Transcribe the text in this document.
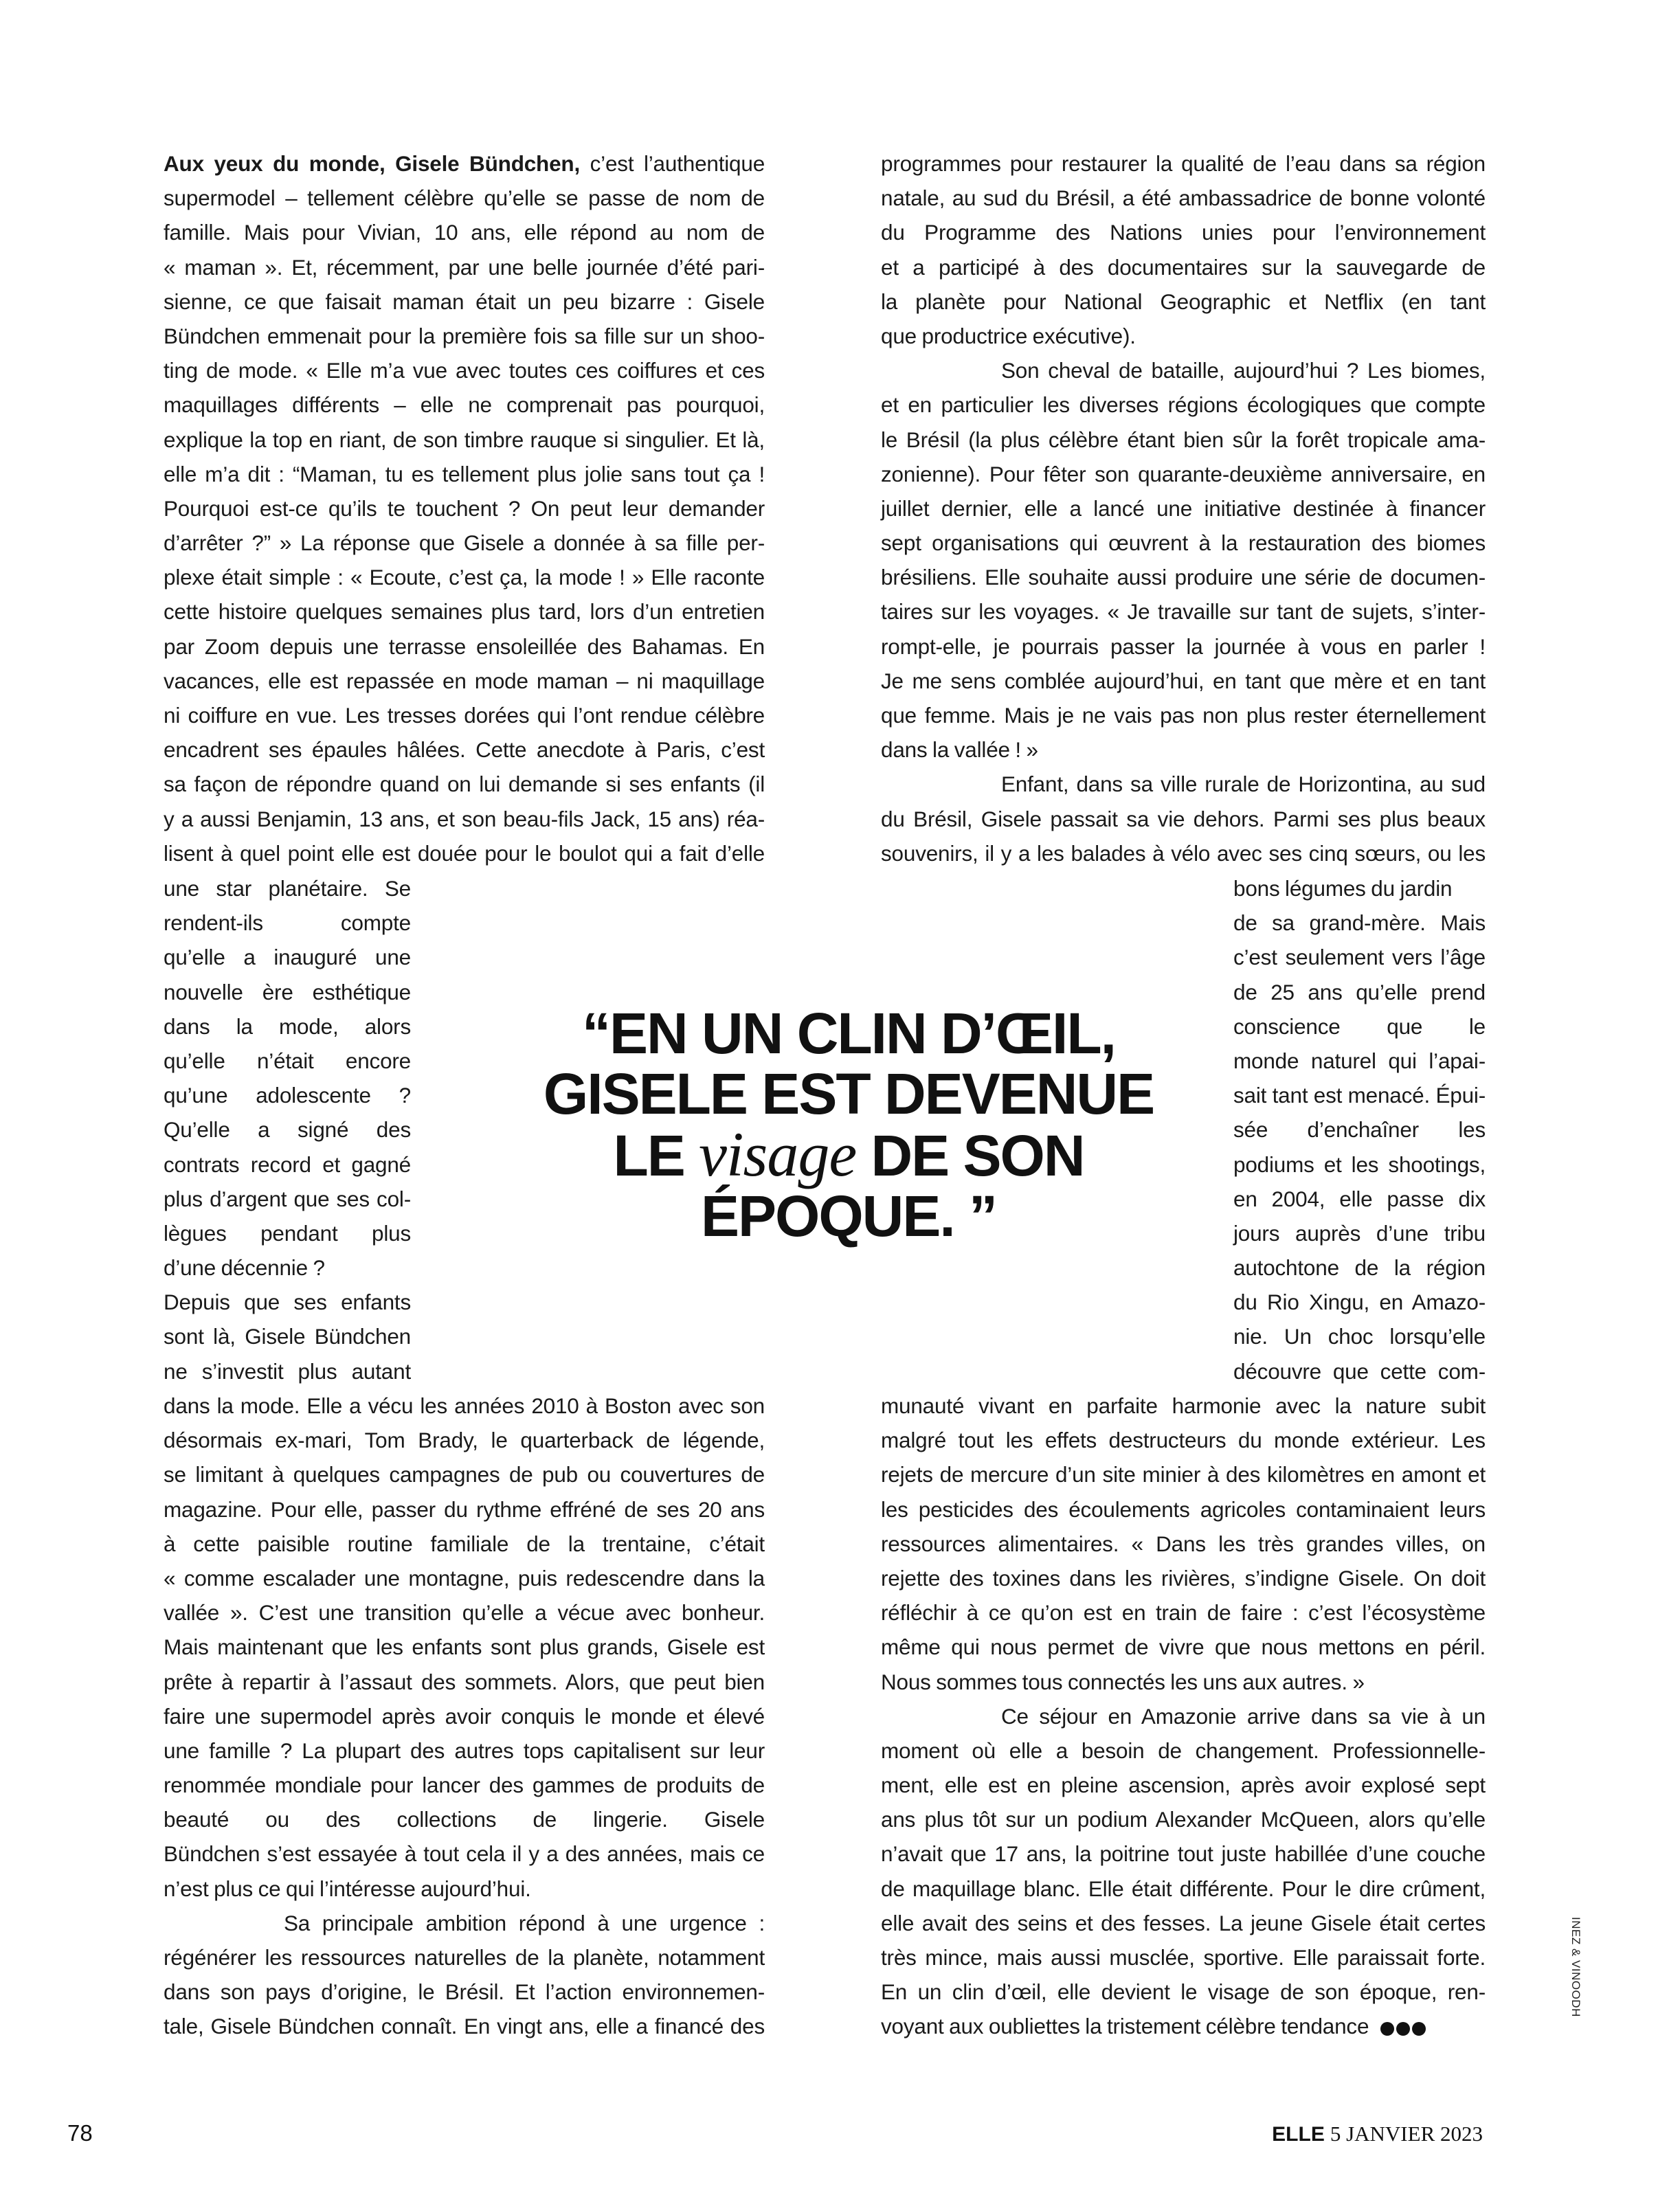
Aux yeux du monde, Gisele Bündchen, c’est l’authentique
supermodel – tellement célèbre qu’elle se passe de nom de
famille. Mais pour Vivian, 10 ans, elle répond au nom de
« maman ». Et, récemment, par une belle journée d’été pari-
sienne, ce que faisait maman était un peu bizarre : Gisele
Bündchen emmenait pour la première fois sa fille sur un shoo-
ting de mode. « Elle m’a vue avec toutes ces coiffures et ces
maquillages différents – elle ne comprenait pas pourquoi,
explique la top en riant, de son timbre rauque si singulier. Et là,
elle m’a dit : “Maman, tu es tellement plus jolie sans tout ça !
Pourquoi est-ce qu’ils te touchent ? On peut leur demander
d’arrêter ?” » La réponse que Gisele a donnée à sa fille per-
plexe était simple : « Ecoute, c’est ça, la mode ! » Elle raconte
cette histoire quelques semaines plus tard, lors d’un entretien
par Zoom depuis une terrasse ensoleillée des Bahamas. En
vacances, elle est repassée en mode maman – ni maquillage
ni coiffure en vue. Les tresses dorées qui l’ont rendue célèbre
encadrent ses épaules hâlées. Cette anecdote à Paris, c’est
sa façon de répondre quand on lui demande si ses enfants (il
y a aussi Benjamin, 13 ans, et son beau-fils Jack, 15 ans) réa-
lisent à quel point elle est douée pour le boulot qui a fait d’elle
une star planétaire. Se
rendent-ils compte
qu’elle a inauguré une
nouvelle ère esthétique
dans la mode, alors
qu’elle n’était encore
qu’une adolescente ?
Qu’elle a signé des
contrats record et gagné
plus d’argent que ses col-
lègues pendant plus
d’une décennie ?
Depuis que ses enfants
sont là, Gisele Bündchen
ne s’investit plus autant
dans la mode. Elle a vécu les années 2010 à Boston avec son
désormais ex-mari, Tom Brady, le quarterback de légende,
se limitant à quelques campagnes de pub ou couvertures de
magazine. Pour elle, passer du rythme effréné de ses 20 ans
à cette paisible routine familiale de la trentaine, c’était
« comme escalader une montagne, puis redescendre dans la
vallée ». C’est une transition qu’elle a vécue avec bonheur.
Mais maintenant que les enfants sont plus grands, Gisele est
prête à repartir à l’assaut des sommets. Alors, que peut bien
faire une supermodel après avoir conquis le monde et élevé
une famille ? La plupart des autres tops capitalisent sur leur
renommée mondiale pour lancer des gammes de produits de
beauté ou des collections de lingerie. Gisele
Bündchen s’est essayée à tout cela il y a des années, mais ce
n’est plus ce qui l’intéresse aujourd’hui.
Sa principale ambition répond à une urgence :
régénérer les ressources naturelles de la planète, notamment
dans son pays d’origine, le Brésil. Et l’action environnemen-
tale, Gisele Bündchen connaît. En vingt ans, elle a financé des
programmes pour restaurer la qualité de l’eau dans sa région
natale, au sud du Brésil, a été ambassadrice de bonne volonté
du Programme des Nations unies pour l’environnement
et a participé à des documentaires sur la sauvegarde de
la planète pour National Geographic et Netflix (en tant
que productrice exécutive).
Son cheval de bataille, aujourd’hui ? Les biomes,
et en particulier les diverses régions écologiques que compte
le Brésil (la plus célèbre étant bien sûr la forêt tropicale ama-
zonienne). Pour fêter son quarante-deuxième anniversaire, en
juillet dernier, elle a lancé une initiative destinée à financer
sept organisations qui œuvrent à la restauration des biomes
brésiliens. Elle souhaite aussi produire une série de documen-
taires sur les voyages. « Je travaille sur tant de sujets, s’inter-
rompt-elle, je pourrais passer la journée à vous en parler !
Je me sens comblée aujourd’hui, en tant que mère et en tant
que femme. Mais je ne vais pas non plus rester éternellement
dans la vallée ! »
Enfant, dans sa ville rurale de Horizontina, au sud
du Brésil, Gisele passait sa vie dehors. Parmi ses plus beaux
souvenirs, il y a les balades à vélo avec ses cinq sœurs, ou les
bons légumes du jardin
de sa grand-mère. Mais
c’est seulement vers l’âge
de 25 ans qu’elle prend
conscience que le
monde naturel qui l’apai-
sait tant est menacé. Épui-
sée d’enchaîner les
podiums et les shootings,
en 2004, elle passe dix
jours auprès d’une tribu
autochtone de la région
du Rio Xingu, en Amazo-
nie. Un choc lorsqu’elle
découvre que cette com-
munauté vivant en parfaite harmonie avec la nature subit
malgré tout les effets destructeurs du monde extérieur. Les
rejets de mercure d’un site minier à des kilomètres en amont et
les pesticides des écoulements agricoles contaminaient leurs
ressources alimentaires. « Dans les très grandes villes, on
rejette des toxines dans les rivières, s’indigne Gisele. On doit
réfléchir à ce qu’on est en train de faire : c’est l’écosystème
même qui nous permet de vivre que nous mettons en péril.
Nous sommes tous connectés les uns aux autres. »
Ce séjour en Amazonie arrive dans sa vie à un
moment où elle a besoin de changement. Professionnelle-
ment, elle est en pleine ascension, après avoir explosé sept
ans plus tôt sur un podium Alexander McQueen, alors qu’elle
n’avait que 17 ans, la poitrine tout juste habillée d’une couche
de maquillage blanc. Elle était différente. Pour le dire crûment,
elle avait des seins et des fesses. La jeune Gisele était certes
très mince, mais aussi musclée, sportive. Elle paraissait forte.
En un clin d’œil, elle devient le visage de son époque, ren-
voyant aux oubliettes la tristement célèbre tendance
“EN UN CLIN D’ŒIL,
GISELE EST DEVENUE
LE visage DE SON
ÉPOQUE. ”
INEZ & VINOODH
78	ELLE 5 JANVIER 2023
